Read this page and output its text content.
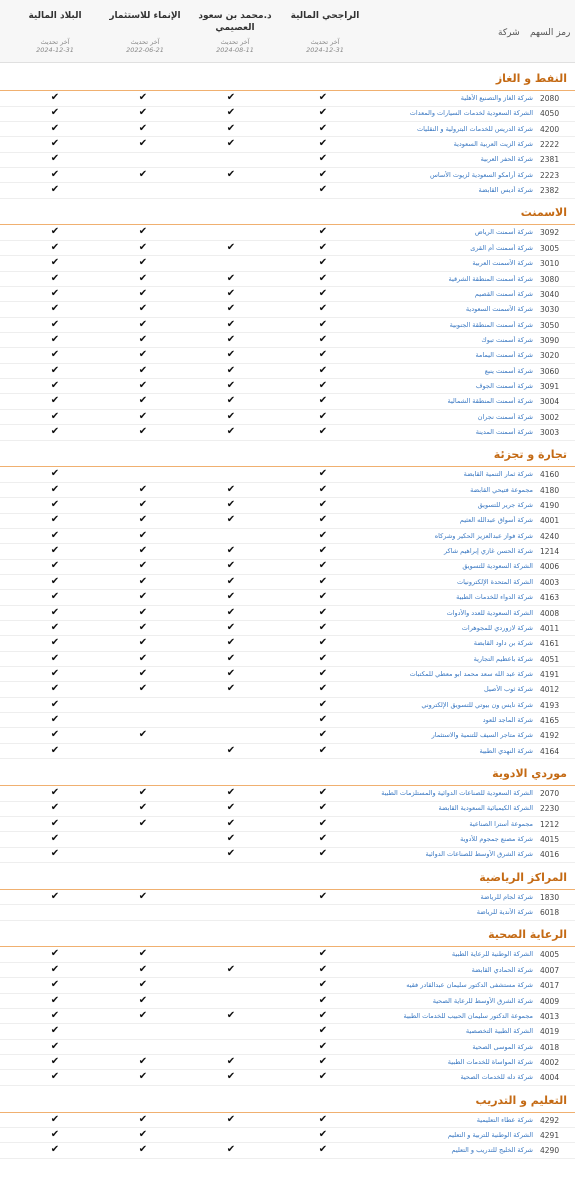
الراجحي المالية
آخر تحديث
2024-12-31
د.محمد بن سعود العصيمي
آخر تحديث
2024-08-11
الإنماء للاستثمار
آخر تحديث
2022-06-21
البلاد المالية
آخر تحديث
2024-12-31
شركة رمز السهم
النفط و الغاز
2080
شركة الغاز والتصنيع الأهلية
✔
✔
✔
✔
4050
الشركة السعودية لخدمات السيارات والمعدات
✔
✔
✔
✔
4200
شركة الدريس للخدمات البترولية و النقليات
✔
✔
✔
✔
2222
شركة الزيت العربية السعودية
✔
✔
✔
✔
2381
شركة الحفر العربية
✔
✔
2223
شركة أرامكو السعودية لزيوت الأساس
✔
✔
✔
✔
2382
شركة أديس القابضة
✔
✔
الاسمنت
3092
شركة أسمنت الرياض
✔
✔
✔
3005
شركة أسمنت أم القرى
✔
✔
✔
✔
3010
شركة الأسمنت العربية
✔
✔
✔
3080
شركة أسمنت المنطقة الشرقية
✔
✔
✔
✔
3040
شركة أسمنت القصيم
✔
✔
✔
✔
3030
شركة الأسمنت السعودية
✔
✔
✔
✔
3050
شركة أسمنت المنطقة الجنوبية
✔
✔
✔
✔
3090
شركة أسمنت تبوك
✔
✔
✔
✔
3020
شركة أسمنت اليمامة
✔
✔
✔
✔
3060
شركة أسمنت ينبع
✔
✔
✔
✔
3091
شركة أسمنت الجوف
✔
✔
✔
✔
3004
شركة أسمنت المنطقة الشمالية
✔
✔
✔
✔
3002
شركة أسمنت نجران
✔
✔
✔
✔
3003
شركة أسمنت المدينة
✔
✔
✔
✔
تجارة و تجزئة
4160
شركة ثمار التنمية القابضة
✔
✔
4180
مجموعة فتيحي القابضة
✔
✔
✔
✔
4190
شركة جرير للتسويق
✔
✔
✔
✔
4001
شركة أسواق عبدالله العثيم
✔
✔
✔
✔
4240
شركة فواز عبدالعزيز الحكير وشركاه
✔
✔
✔
1214
شركة الحسن غازي إبراهيم شاكر
✔
✔
✔
✔
4006
الشركة السعودية للتسويق
✔
✔
✔
✔
4003
الشركة المتحدة الإلكترونيات
✔
✔
✔
✔
4163
شركة الدواء للخدمات الطبية
✔
✔
✔
✔
4008
الشركة السعودية للعدد والأدوات
✔
✔
✔
✔
4011
شركة لازوردي للمجوهرات
✔
✔
✔
✔
4161
شركة بن داود القابضة
✔
✔
✔
✔
4051
شركة باعظيم التجارية
✔
✔
✔
✔
4191
شركة عبد الله سعد محمد ابو معطي للمكتبات
✔
✔
✔
✔
4012
شركة ثوب الأصيل
✔
✔
✔
✔
4193
شركة نايس ون بيوتي للتسويق الإلكتروني
✔
✔
4165
شركة الماجد للعود
✔
✔
4192
شركة متاجر السيف للتنمية والاستثمار
✔
✔
✔
4164
شركة النهدي الطبية
✔
✔
✔
موردي الادوية
2070
الشركة السعودية للصناعات الدوائية والمستلزمات الطبية
✔
✔
✔
✔
2230
الشركة الكيميائية السعودية القابضة
✔
✔
✔
✔
1212
مجموعة أسترا الصناعية
✔
✔
✔
✔
4015
شركة مصنع جمجوم للأدوية
✔
✔
✔
4016
شركة الشرق الأوسط للصناعات الدوائية
✔
✔
✔
المراكز الرياضية
1830
شركة لجام للرياضة
✔
✔
✔
6018
شركة الأندية للرياضة
الرعاية الصحية
4005
الشركة الوطنية للرعاية الطبية
✔
✔
✔
4007
شركة الحمادي القابضة
✔
✔
✔
✔
4017
شركة مستشفى الدكتور سليمان عبدالقادر فقيه
✔
✔
✔
4009
شركة الشرق الأوسط للرعاية الصحية
✔
✔
✔
4013
مجموعة الدكتور سليمان الحبيب للخدمات الطبية
✔
✔
✔
✔
4019
الشركة الطبية التخصصية
✔
✔
4018
شركة الموسى الصحية
✔
✔
4002
شركة المواساة للخدمات الطبية
✔
✔
✔
✔
4004
شركة دله للخدمات الصحية
✔
✔
✔
✔
التعليم و التدريب
4292
شركة عطاء التعليمية
✔
✔
✔
✔
4291
الشركة الوطنية للتربية و التعليم
✔
✔
✔
4290
شركة الخليج للتدريب و التعليم
✔
✔
✔
✔
